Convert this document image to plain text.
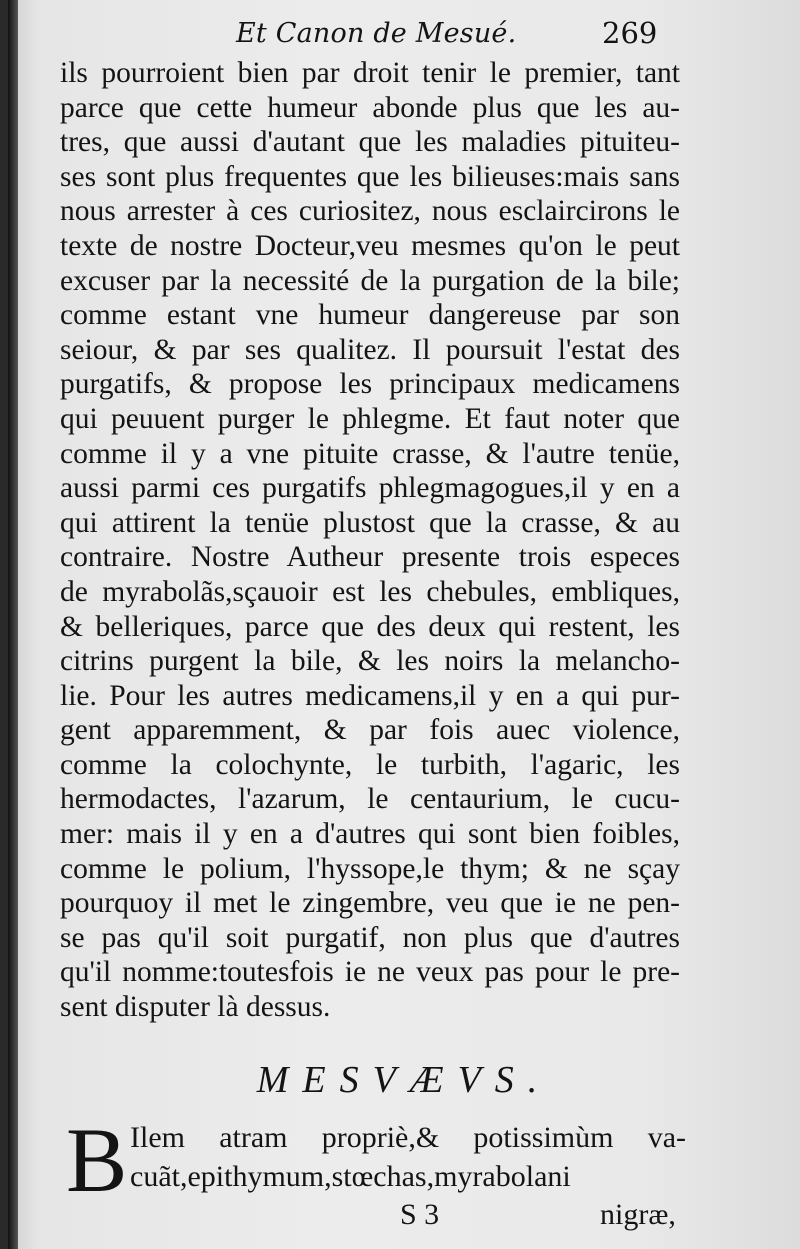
Et Canon de Mesué.	269
ils pourroient bien par droit tenir le premier, tant
parce que cette humeur abonde plus que les au-
tres, que aussi d'autant que les maladies pituiteu-
ses sont plus frequentes que les bilieuses:mais sans
nous arrester à ces curiositez, nous esclaircirons le
texte de nostre Docteur,veu mesmes qu'on le peut
excuser par la necessité de la purgation de la bile;
comme estant vne humeur dangereuse par son
seiour, & par ses qualitez. Il poursuit l'estat des
purgatifs, & propose les principaux medicamens
qui peuuent purger le phlegme. Et faut noter que
comme il y a vne pituite crasse, & l'autre tenüe,
aussi parmi ces purgatifs phlegmagogues,il y en a
qui attirent la tenüe plustost que la crasse, & au
contraire. Nostre Autheur presente trois especes
de myrabolãs,sçauoir est les chebules, embliques,
& belleriques, parce que des deux qui restent, les
citrins purgent la bile, & les noirs la melancho-
lie. Pour les autres medicamens,il y en a qui pur-
gent apparemment, & par fois auec violence,
comme la colochynte, le turbith, l'agaric, les
hermodactes, l'azarum, le centaurium, le cucu-
mer: mais il y en a d'autres qui sont bien foibles,
comme le polium, l'hyssope,le thym; & ne sçay
pourquoy il met le zingembre, veu que ie ne pen-
se pas qu'il soit purgatif, non plus que d'autres
qu'il nomme:toutesfois ie ne veux pas pour le pre-
sent disputer là dessus.
MESVÆVS.
B Ilem atram propriè,& potissimùm va-
cuãt,epithymum,stœchas,myrabolani
S 3	nigræ,
